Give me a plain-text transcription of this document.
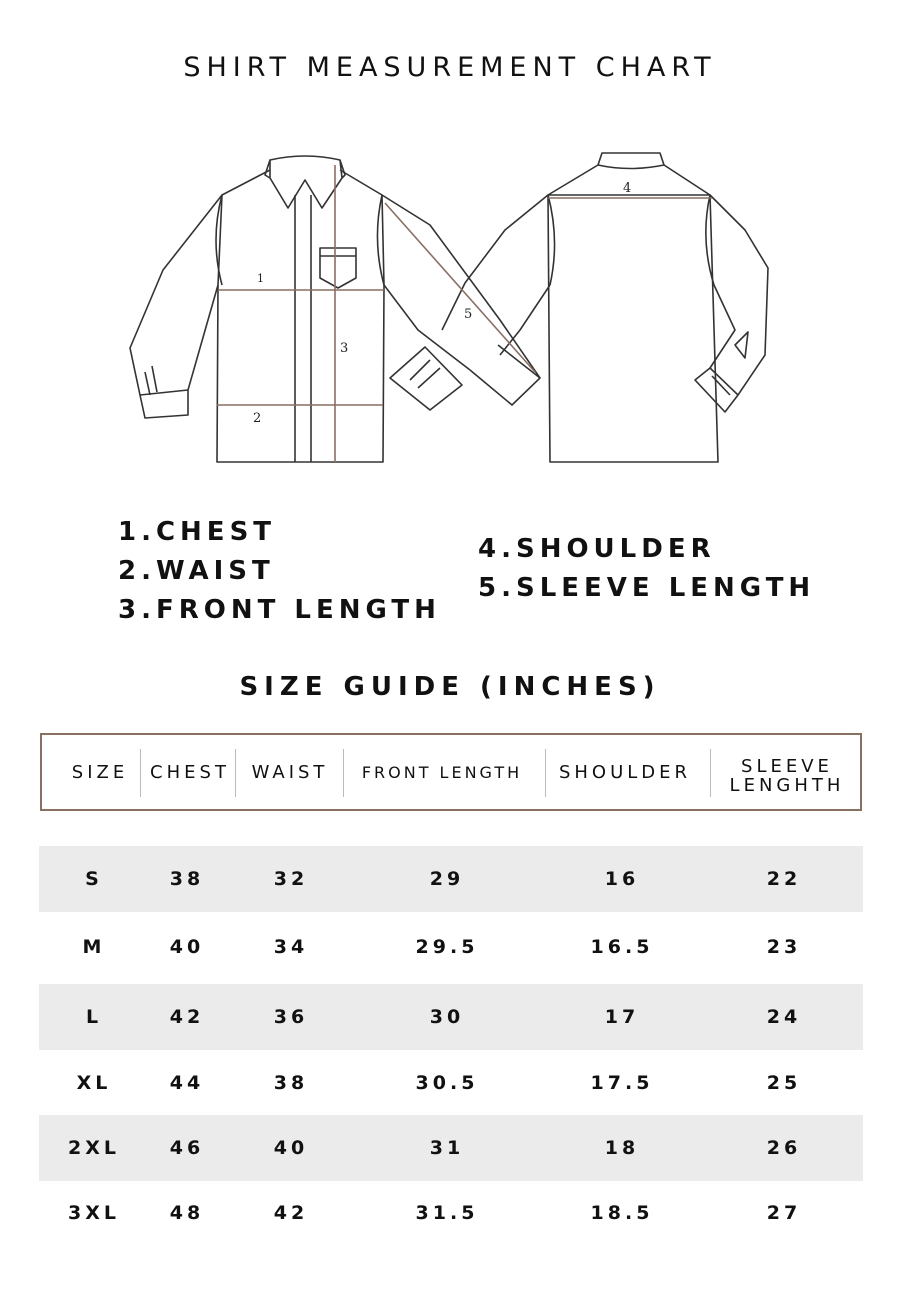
SHIRT MEASUREMENT CHART
1
2
3
4
5
1.CHEST
2.WAIST
3.FRONT LENGTH
4.SHOULDER
5.SLEEVE LENGTH
SIZE GUIDE (INCHES)
SIZE	CHEST	WAIST	FRONT LENGTH	SHOULDER	SLEEVE
LENGHTH
S	38	32	29	16	22
M	40	34	29.5	16.5	23
L	42	36	30	17	24
XL	44	38	30.5	17.5	25
2XL	46	40	31	18	26
3XL	48	42	31.5	18.5	27
